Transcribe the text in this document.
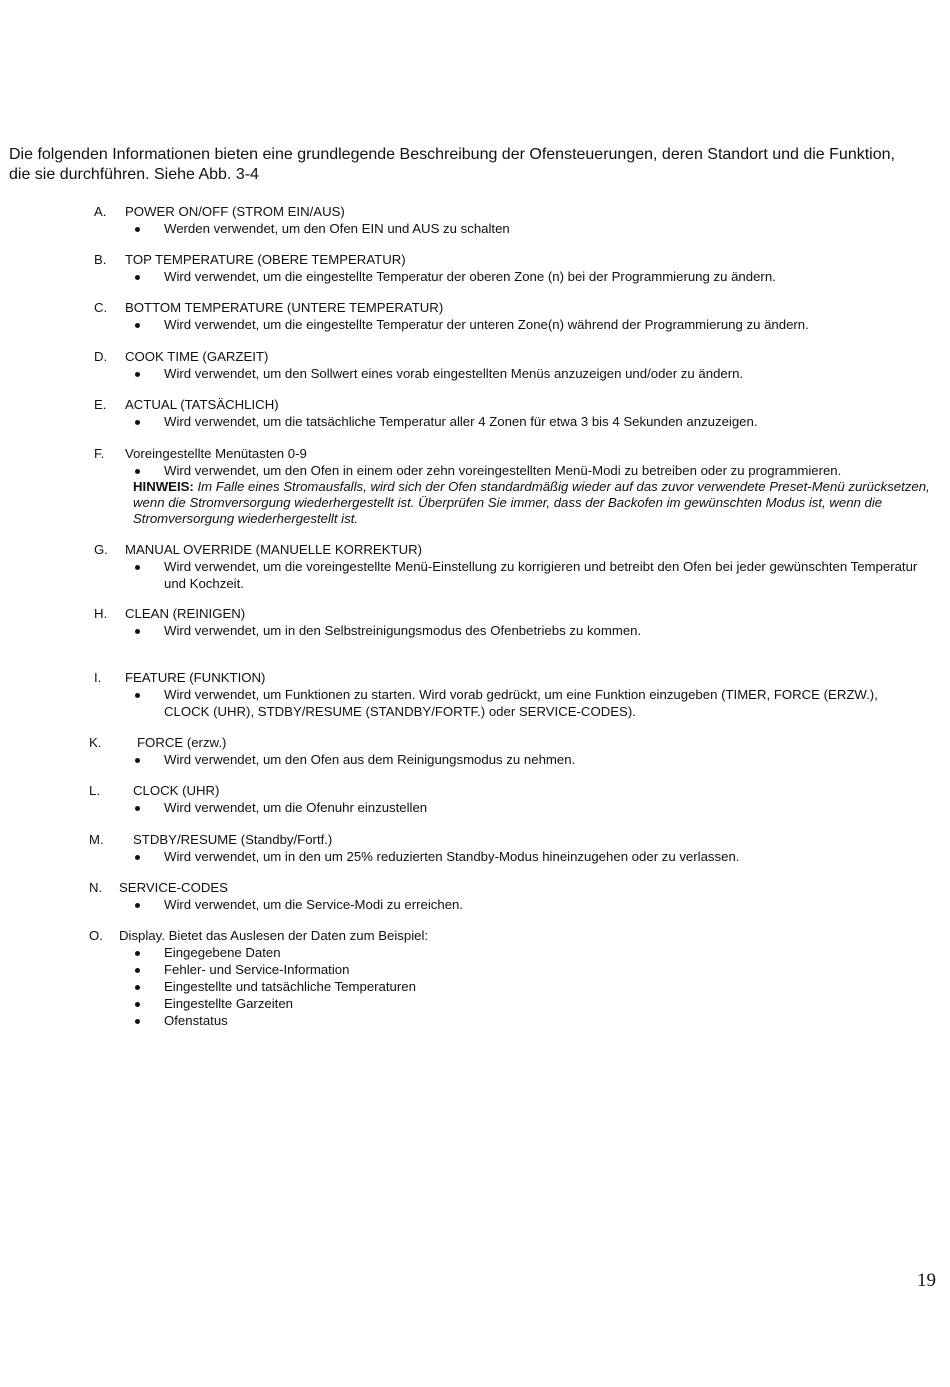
Die folgenden Informationen bieten eine grundlegende Beschreibung der Ofensteuerungen, deren Standort und die Funktion, die sie durchführen. Siehe Abb. 3-4

A. POWER ON/OFF (STROM EIN/AUS)
Werden verwendet, um den Ofen EIN und AUS zu schalten
B. TOP TEMPERATURE (OBERE TEMPERATUR)
Wird verwendet, um die eingestellte Temperatur der oberen Zone (n) bei der Programmierung zu ändern.
C. BOTTOM TEMPERATURE (UNTERE TEMPERATUR)
Wird verwendet, um die eingestellte Temperatur der unteren Zone(n) während der Programmierung zu ändern.
D. COOK TIME (GARZEIT)
Wird verwendet, um den Sollwert eines vorab eingestellten Menüs anzuzeigen und/oder zu ändern.
E. ACTUAL (TATSÄCHLICH)
Wird verwendet, um die tatsächliche Temperatur aller 4 Zonen für etwa 3 bis 4 Sekunden anzuzeigen.
F. Voreingestellte Menütasten 0-9
Wird verwendet, um den Ofen in einem oder zehn voreingestellten Menü-Modi zu betreiben oder zu programmieren.

HINWEIS: Im Falle eines Stromausfalls, wird sich der Ofen standardmäßig wieder auf das zuvor verwendete Preset-Menü zurücksetzen, wenn die Stromversorgung wiederhergestellt ist. Überprüfen Sie immer, dass der Backofen im gewünschten Modus ist, wenn die Stromversorgung wiederhergestellt ist.

G. MANUAL OVERRIDE (MANUELLE KORREKTUR)
Wird verwendet, um die voreingestellte Menü-Einstellung zu korrigieren und betreibt den Ofen bei jeder gewünschten Temperatur und Kochzeit.
H. CLEAN (REINIGEN)
Wird verwendet, um in den Selbstreinigungsmodus des Ofenbetriebs zu kommen.
I. FEATURE (FUNKTION)
Wird verwendet, um Funktionen zu starten. Wird vorab gedrückt, um eine Funktion einzugeben (TIMER, FORCE (ERZW.), CLOCK (UHR), STDBY/RESUME (STANDBY/FORTF.) oder SERVICE-CODES).
K.	FORCE (erzw.)
Wird verwendet, um den Ofen aus dem Reinigungsmodus zu nehmen.
L.	CLOCK (UHR)
Wird verwendet, um die Ofenuhr einzustellen
M. STDBY/RESUME (Standby/Fortf.)
Wird verwendet, um in den um 25% reduzierten Standby-Modus hineinzugehen oder zu verlassen.
N. SERVICE-CODES
Wird verwendet, um die Service-Modi zu erreichen.
O. Display. Bietet das Auslesen der Daten zum Beispiel:
Eingegebene Daten
Fehler- und Service-Information
Eingestellte und tatsächliche Temperaturen
Eingestellte Garzeiten
Ofenstatus
19
